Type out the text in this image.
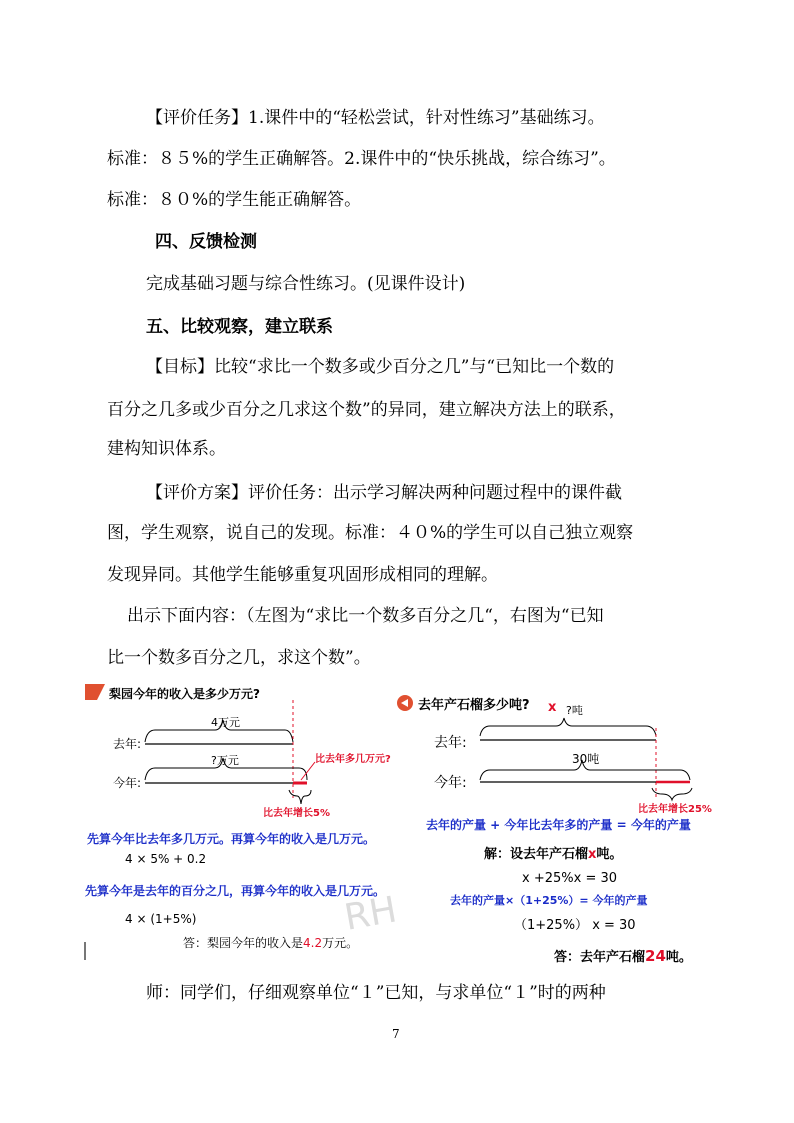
【评价任务】1.课件中的“轻松尝试，针对性练习”基础练习。
标准：８５%的学生正确解答。2.课件中的“快乐挑战，综合练习”。
标准：８０%的学生能正确解答。
四、反馈检测
完成基础习题与综合性练习。(见课件设计)
五、比较观察，建立联系
【目标】比较“求比一个数多或少百分之几”与“已知比一个数的
百分之几多或少百分之几求这个数”的异同，建立解决方法上的联系，
建构知识体系。
【评价方案】评价任务：出示学习解决两种问题过程中的课件截
图，学生观察，说自己的发现。标准：４０%的学生可以自己独立观察
发现异同。其他学生能够重复巩固形成相同的理解。
出示下面内容：（左图为“求比一个数多百分之几“，右图为“已知
比一个数多百分之几，求这个数”。
RH
梨园今年的收入是多少万元?
4万元
去年:
?万元
今年:
比去年多几万元?
比去年增长5%
先算今年比去年多几万元。再算今年的收入是几万元。
4 × 5% + 0.2
先算今年是去年的百分之几，再算今年的收入是几万元。
4 × (1+5%)
答：梨园今年的收入是4.2万元。
去年产石榴多少吨? x ?吨
去年:
30吨
今年:
比去年增长25%
去年的产量 + 今年比去年多的产量 = 今年的产量
解：设去年产石榴x吨。
x +25%x = 30
去年的产量×（1+25%）= 今年的产量
（1+25%） x = 30
答：去年产石榴24吨。
师：同学们，仔细观察单位“１”已知，与求单位“１”时的两种
7
